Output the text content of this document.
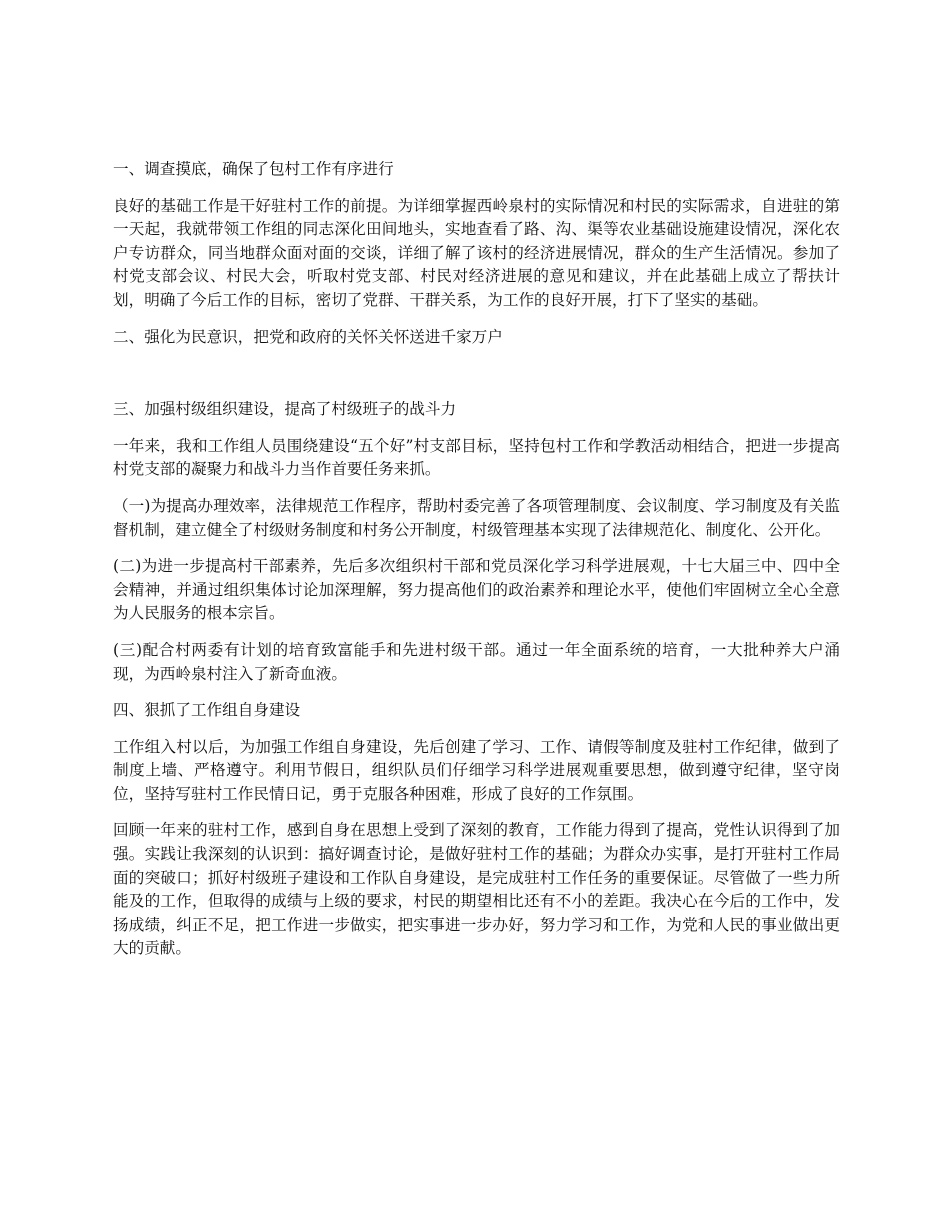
一、调查摸底，确保了包村工作有序进行

良好的基础工作是干好驻村工作的前提。为详细掌握西岭泉村的实际情况和村民的实际需求，自进驻的第一天起，我就带领工作组的同志深化田间地头，实地查看了路、沟、渠等农业基础设施建设情况，深化农户专访群众，同当地群众面对面的交谈，详细了解了该村的经济进展情况，群众的生产生活情况。参加了村党支部会议、村民大会，听取村党支部、村民对经济进展的意见和建议，并在此基础上成立了帮扶计划，明确了今后工作的目标，密切了党群、干群关系，为工作的良好开展，打下了坚实的基础。

二、强化为民意识，把党和政府的关怀关怀送进千家万户

三、加强村级组织建设，提高了村级班子的战斗力

一年来，我和工作组人员围绕建设“五个好”村支部目标，坚持包村工作和学教活动相结合，把进一步提高村党支部的凝聚力和战斗力当作首要任务来抓。

（一)为提高办理效率，法律规范工作程序，帮助村委完善了各项管理制度、会议制度、学习制度及有关监督机制，建立健全了村级财务制度和村务公开制度，村级管理基本实现了法律规范化、制度化、公开化。

(二)为进一步提高村干部素养，先后多次组织村干部和党员深化学习科学进展观，十七大届三中、四中全会精神，并通过组织集体讨论加深理解，努力提高他们的政治素养和理论水平，使他们牢固树立全心全意为人民服务的根本宗旨。

(三)配合村两委有计划的培育致富能手和先进村级干部。通过一年全面系统的培育，一大批种养大户涌现，为西岭泉村注入了新奇血液。

四、狠抓了工作组自身建设

工作组入村以后，为加强工作组自身建设，先后创建了学习、工作、请假等制度及驻村工作纪律，做到了制度上墙、严格遵守。利用节假日，组织队员们仔细学习科学进展观重要思想，做到遵守纪律，坚守岗位，坚持写驻村工作民情日记，勇于克服各种困难，形成了良好的工作氛围。

回顾一年来的驻村工作，感到自身在思想上受到了深刻的教育，工作能力得到了提高，党性认识得到了加强。实践让我深刻的认识到：搞好调查讨论，是做好驻村工作的基础；为群众办实事，是打开驻村工作局面的突破口；抓好村级班子建设和工作队自身建设，是完成驻村工作任务的重要保证。尽管做了一些力所能及的工作，但取得的成绩与上级的要求，村民的期望相比还有不小的差距。我决心在今后的工作中，发扬成绩，纠正不足，把工作进一步做实，把实事进一步办好，努力学习和工作，为党和人民的事业做出更大的贡献。
